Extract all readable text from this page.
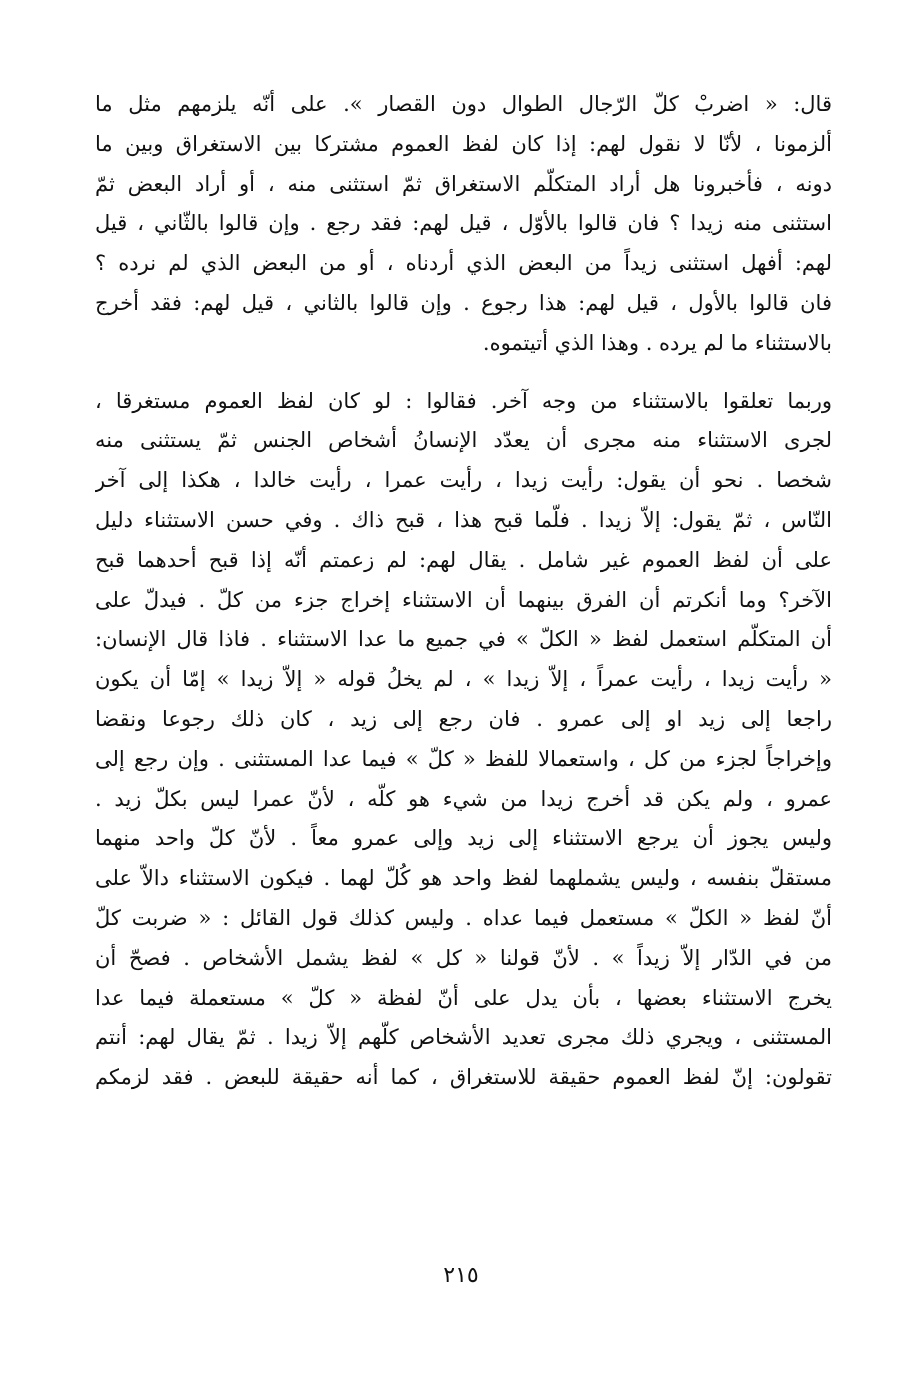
قال: « اضربْ كلّ الرّجال الطوال دون القصار ». على أنّه يلزمهم مثل ما
ألزمونا ، لأنّا لا نقول لهم: إذا كان لفظ العموم مشتركا بين الاستغراق وبين ما
دونه ، فأخبرونا هل أراد المتكلّم الاستغراق ثمّ استثنى منه ، أو أراد البعض ثمّ
استثنى منه زيدا ؟ فان قالوا بالأوّل ، قيل لهم: فقد رجع . وإن قالوا بالثّاني ، قيل
لهم: أفهل استثنى زيداً من البعض الذي أردناه ، أو من البعض الذي لم نرده ؟
فان قالوا بالأول ، قيل لهم: هذا رجوع . وإن قالوا بالثاني ، قيل لهم: فقد أخرج
بالاستثناء ما لم يرده . وهذا الذي أتيتموه.
وربما تعلقوا بالاستثناء من وجه آخر. فقالوا : لو كان لفظ العموم مستغرقا ،
لجرى الاستثناء منه مجرى أن يعدّد الإنسانُ أشخاص الجنس ثمّ يستثنى منه
شخصا . نحو أن يقول: رأيت زيدا ، رأيت عمرا ، رأيت خالدا ، هكذا إلى آخر
النّاس ، ثمّ يقول: إلاّ زيدا . فلّما قبح هذا ، قبح ذاك . وفي حسن الاستثناء دليل
على أن لفظ العموم غير شامل . يقال لهم: لم زعمتم أنّه إذا قبح أحدهما قبح
الآخر؟ وما أنكرتم أن الفرق بينهما أن الاستثناء إخراج جزء من كلّ . فيدلّ على
أن المتكلّم استعمل لفظ « الكلّ » في جميع ما عدا الاستثناء . فاذا قال الإنسان:
« رأيت زيدا ، رأيت عمراً ، إلاّ زيدا » ، لم يخلُ قوله « إلاّ زيدا » إمّا أن يكون
راجعا إلى زيد او إلى عمرو . فان رجع إلى زيد ، كان ذلك رجوعا ونقضا
وإخراجاً لجزء من كل ، واستعمالا للفظ « كلّ » فيما عدا المستثنى . وإن رجع إلى
عمرو ، ولم يكن قد أخرج زيدا من شيء هو كلّه ، لأنّ عمرا ليس بكلّ زيد .
وليس يجوز أن يرجع الاستثناء إلى زيد وإلى عمرو معاً . لأنّ كلّ واحد منهما
مستقلّ بنفسه ، وليس يشملهما لفظ واحد هو كُلّ لهما . فيكون الاستثناء دالاّ على
أنّ لفظ « الكلّ » مستعمل فيما عداه . وليس كذلك قول القائل : « ضربت كلّ
من في الدّار إلاّ زيداً » . لأنّ قولنا « كل » لفظ يشمل الأشخاص . فصحّ أن
يخرج الاستثناء بعضها ، بأن يدل على أنّ لفظة « كلّ » مستعملة فيما عدا
المستثنى ، ويجري ذلك مجرى تعديد الأشخاص كلّهم إلاّ زيدا . ثمّ يقال لهم: أنتم
تقولون: إنّ لفظ العموم حقيقة للاستغراق ، كما أنه حقيقة للبعض . فقد لزمكم
٢١٥
